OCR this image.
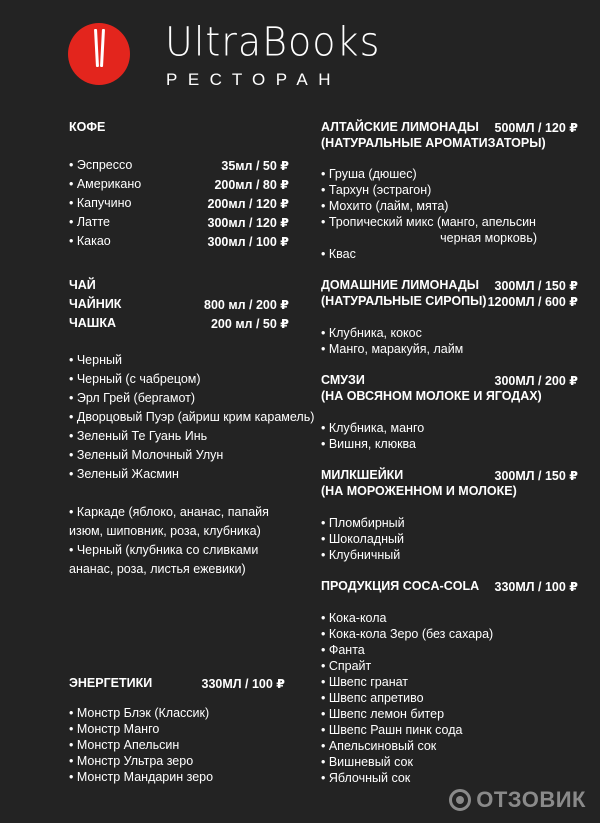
UltraBooks
РЕСТОРАН
КОФЕ
• Эспрессо	35мл / 50 ₽
• Американо	200мл / 80 ₽
• Капучино	200мл / 120 ₽
• Латте	300мл / 120 ₽
• Какао	300мл / 100 ₽
ЧАЙ
ЧАЙНИК	800 мл / 200 ₽
ЧАШКА	200 мл / 50 ₽
• Черный
• Черный (с чабрецом)
• Эрл Грей (бергамот)
• Дворцовый Пуэр (айриш крим карамель)
• Зеленый Те Гуань Инь
• Зеленый Молочный Улун
• Зеленый Жасмин
• Каркаде (яблоко, ананас, папайя
изюм, шиповник, роза, клубника)
• Черный (клубника со сливками
ананас, роза, листья ежевики)
ЭНЕРГЕТИКИ	330МЛ / 100 ₽
• Монстр Блэк (Классик)
• Монстр Манго
• Монстр Апельсин
• Монстр Ультра зеро
• Монстр Мандарин зеро
АЛТАЙСКИЕ ЛИМОНАДЫ 500МЛ / 120 ₽
(НАТУРАЛЬНЫЕ АРОМАТИЗАТОРЫ)
• Груша (дюшес)
• Тархун (эстрагон)
• Мохито (лайм, мята)
• Тропический микс (манго, апельсин
черная морковь)
• Квас
ДОМАШНИЕ ЛИМОНАДЫ 300МЛ / 150 ₽
(НАТУРАЛЬНЫЕ СИРОПЫ) 1200МЛ / 600 ₽
• Клубника, кокос
• Манго, маракуйя, лайм
СМУЗИ	300МЛ / 200 ₽
(НА ОВСЯНОМ МОЛОКЕ И ЯГОДАХ)
• Клубника, манго
• Вишня, клюква
МИЛКШЕЙКИ	300МЛ / 150 ₽
(НА МОРОЖЕННОМ И МОЛОКЕ)
• Пломбирный
• Шоколадный
• Клубничный
ПРОДУКЦИЯ COCA-COLA 330МЛ / 100 ₽
• Кока-кола
• Кока-кола Зеро (без сахара)
• Фанта
• Спрайт
• Швепс гранат
• Швепс апретиво
• Швепс лемон битер
• Швепс Рашн пинк сода
• Апельсиновый сок
• Вишневый сок
• Яблочный сок
ОТЗОВИК
